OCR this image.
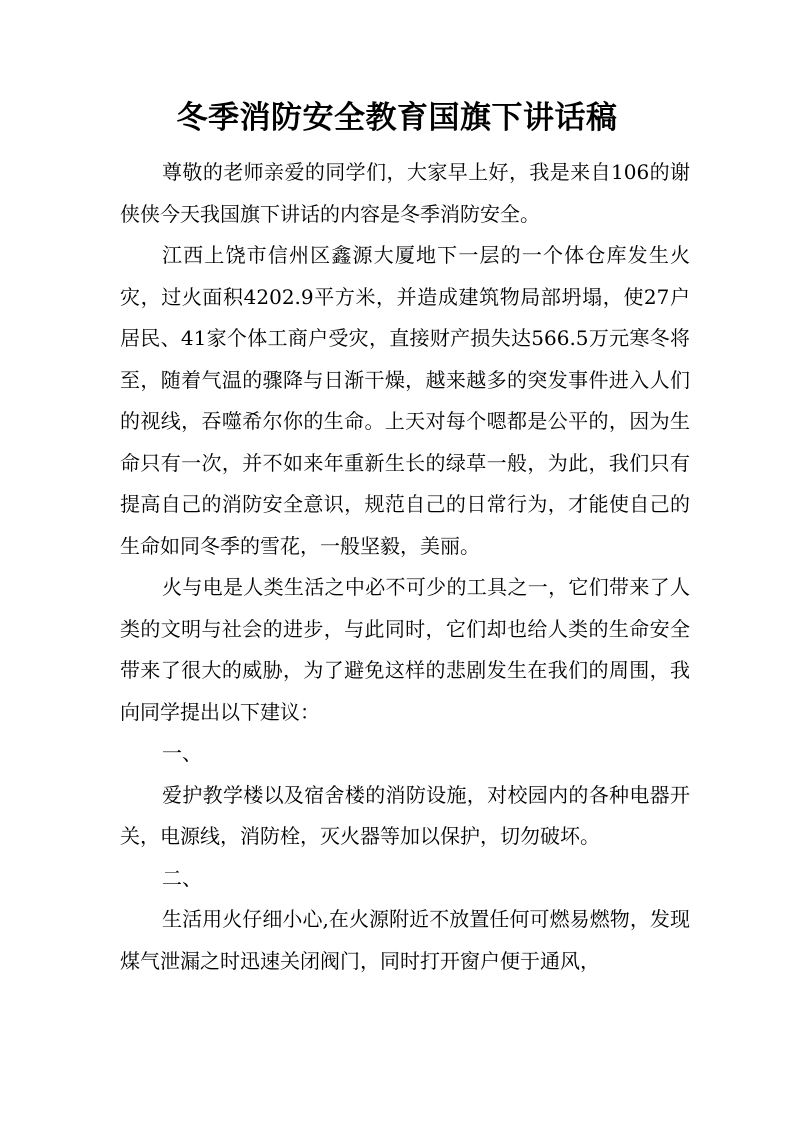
冬季消防安全教育国旗下讲话稿

尊敬的老师亲爱的同学们，大家早上好，我是来自106的谢侠侠今天我国旗下讲话的内容是冬季消防安全。

江西上饶市信州区鑫源大厦地下一层的一个体仓库发生火灾，过火面积4202.9平方米，并造成建筑物局部坍塌，使27户居民、41家个体工商户受灾，直接财产损失达566.5万元寒冬将至，随着气温的骤降与日渐干燥，越来越多的突发事件进入人们的视线，吞噬希尔你的生命。上天对每个嗯都是公平的，因为生命只有一次，并不如来年重新生长的绿草一般，为此，我们只有提高自己的消防安全意识，规范自己的日常行为，才能使自己的生命如同冬季的雪花，一般坚毅，美丽。

火与电是人类生活之中必不可少的工具之一，它们带来了人类的文明与社会的进步，与此同时，它们却也给人类的生命安全带来了很大的威胁，为了避免这样的悲剧发生在我们的周围，我向同学提出以下建议：

一、

爱护教学楼以及宿舍楼的消防设施，对校园内的各种电器开关，电源线，消防栓，灭火器等加以保护，切勿破坏。

二、

生活用火仔细小心,在火源附近不放置任何可燃易燃物，发现煤气泄漏之时迅速关闭阀门，同时打开窗户便于通风，
